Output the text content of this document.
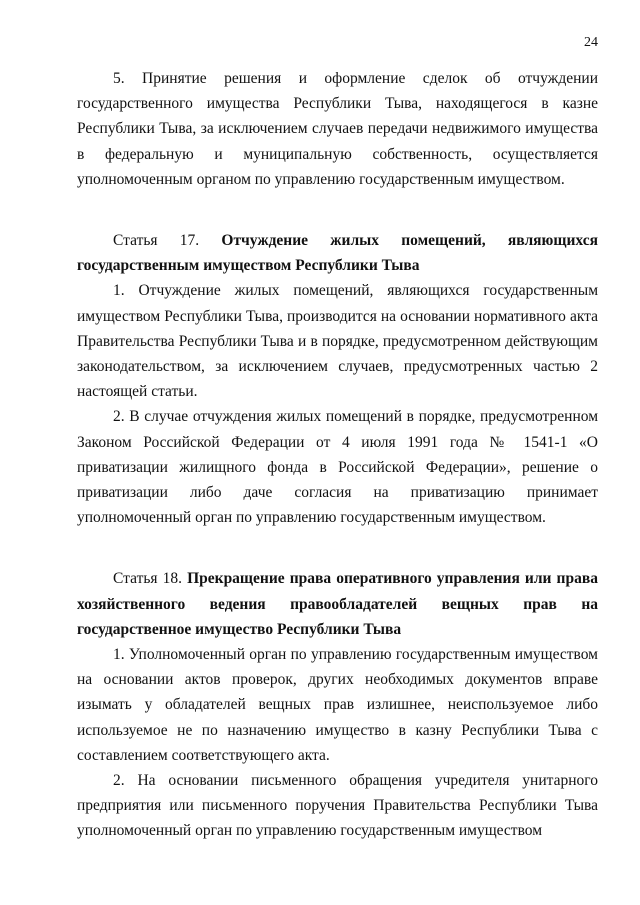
24

5. Принятие решения и оформление сделок об отчуждении государственного имущества Республики Тыва, находящегося в казне Республики Тыва, за исключением случаев передачи недвижимого имущества в федеральную и муниципальную собственность, осуществляется уполномоченным органом по управлению государственным имуществом.

Статья 17. Отчуждение жилых помещений, являющихся государственным имуществом Республики Тыва

1. Отчуждение жилых помещений, являющихся государственным имуществом Республики Тыва, производится на основании нормативного акта Правительства Республики Тыва и в порядке, предусмотренном действующим законодательством, за исключением случаев, предусмотренных частью 2 настоящей статьи.

2. В случае отчуждения жилых помещений в порядке, предусмотренном Законом Российской Федерации от 4 июля 1991 года № 1541-1 «О приватизации жилищного фонда в Российской Федерации», решение о приватизации либо даче согласия на приватизацию принимает уполномоченный орган по управлению государственным имуществом.

Статья 18. Прекращение права оперативного управления или права хозяйственного ведения правообладателей вещных прав на государственное имущество Республики Тыва

1. Уполномоченный орган по управлению государственным имуществом на основании актов проверок, других необходимых документов вправе изымать у обладателей вещных прав излишнее, неиспользуемое либо используемое не по назначению имущество в казну Республики Тыва с составлением соответствующего акта.

2. На основании письменного обращения учредителя унитарного предприятия или письменного поручения Правительства Республики Тыва уполномоченный орган по управлению государственным имуществом
